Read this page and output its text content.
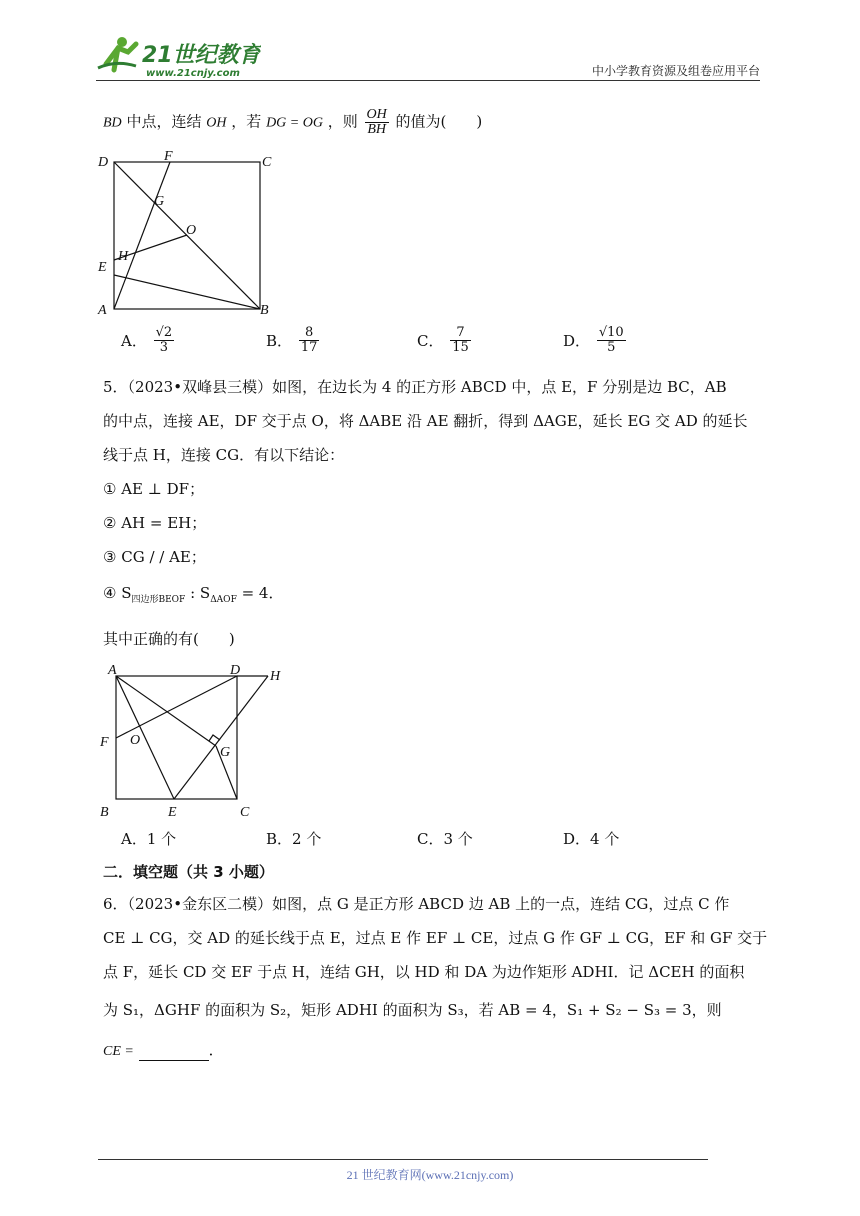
21世纪教育
www.21cnjy.com	中小学教育资源及组卷应用平台
BD 中点，连结 OH ，若 DG = OG ，则 $\frac{OH}{BH}$ 的值为(　　)
D	F	C
G
O
E
H
A	B
A． $\frac{√2}{3}$	B． $\frac{8}{17}$	C． $\frac{7}{15}$	D． $\frac{√10}{5}$
5．（2023•双峰县三模）如图，在边长为 4 的正方形 ABCD 中，点 E，F 分别是边 BC，AB
的中点，连接 AE，DF 交于点 O，将 ΔABE 沿 AE 翻折，得到 ΔAGE，延长 EG 交 AD 的延长
线于点 H，连接 CG．有以下结论：
① AE ⊥ DF；
② AH = EH；
③ CG / / AE；
④ $S_{四边形BEOF}$ : $S_{\Delta AOF} = 4$．
其中正确的有(　　)
A	D H
F O
G
B	E	C
A．1 个	B．2 个	C．3 个	D．4 个
二．填空题（共 3 小题）
6．（2023•金东区二模）如图，点 G 是正方形 ABCD 边 AB 上的一点，连结 CG，过点 C 作
CE ⊥ CG，交 AD 的延长线于点 E，过点 E 作 EF ⊥ CE，过点 G 作 GF ⊥ CG，EF 和 GF 交于
点 F，延长 CD 交 EF 于点 H，连结 GH，以 HD 和 DA 为边作矩形 ADHI．记 ΔCEH 的面积
为 S₁，ΔGHF 的面积为 S₂，矩形 ADHI 的面积为 S₃，若 AB = 4，S₁ + S₂ − S₃ = 3，则
CE =	．
21 世纪教育网(www.21cnjy.com)
